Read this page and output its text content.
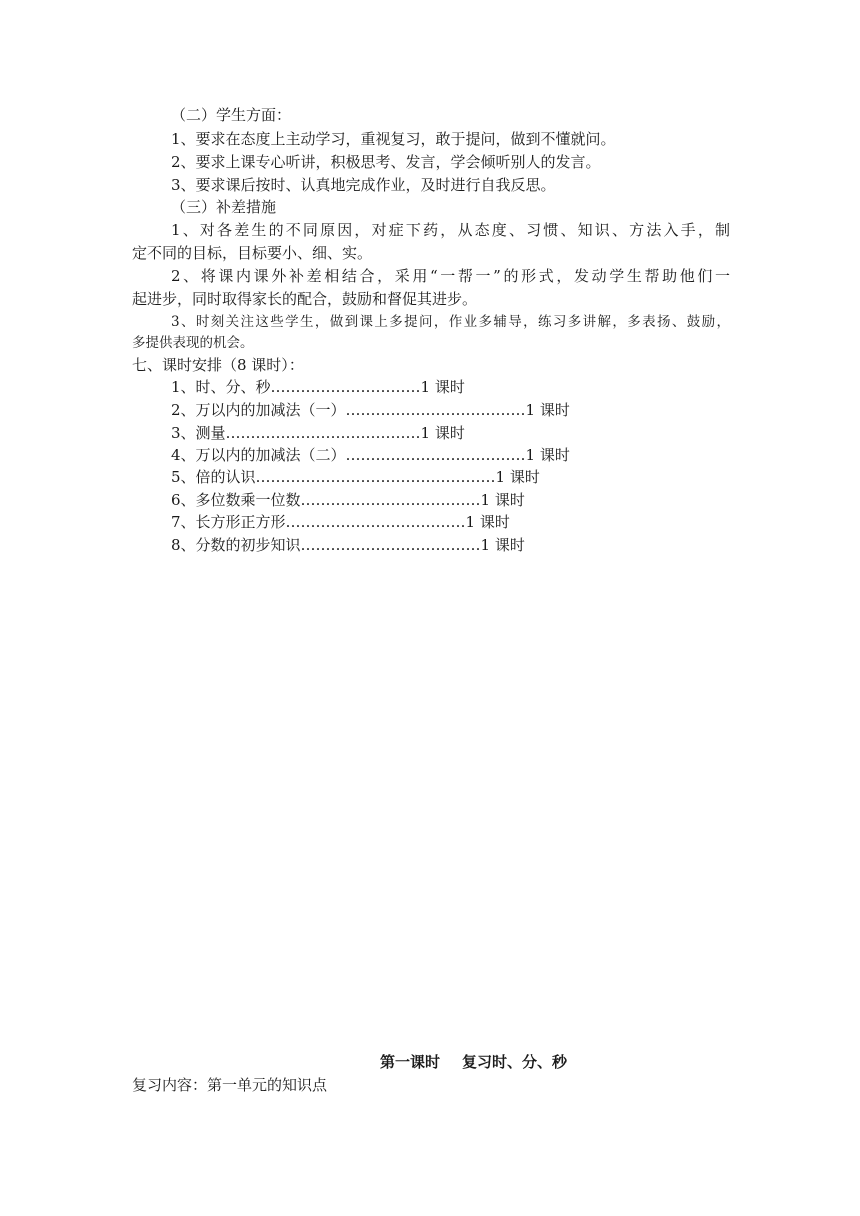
（二）学生方面：
1、要求在态度上主动学习，重视复习，敢于提问，做到不懂就问。
2、要求上课专心听讲，积极思考、发言，学会倾听别人的发言。
3、要求课后按时、认真地完成作业，及时进行自我反思。
（三）补差措施
1、对各差生的不同原因，对症下药，从态度、习惯、知识、方法入手，制
定不同的目标，目标要小、细、实。
2、将课内课外补差相结合，采用“一帮一”的形式，发动学生帮助他们一
起进步，同时取得家长的配合，鼓励和督促其进步。
3、时刻关注这些学生，做到课上多提问，作业多辅导，练习多讲解，多表扬、鼓励，
多提供表现的机会。
七、课时安排（8 课时）：
1、时、分、秒…………………………1 课时
2、万以内的加减法（一）………………………………1 课时
3、测量…………………………………1 课时
4、万以内的加减法（二）………………………………1 课时
5、倍的认识…………………………………………1 课时
6、多位数乘一位数………………………………1 课时
7、长方形正方形………………………………1 课时
8、分数的初步知识………………………………1 课时
第一课时 复习时、分、秒
复习内容：第一单元的知识点
